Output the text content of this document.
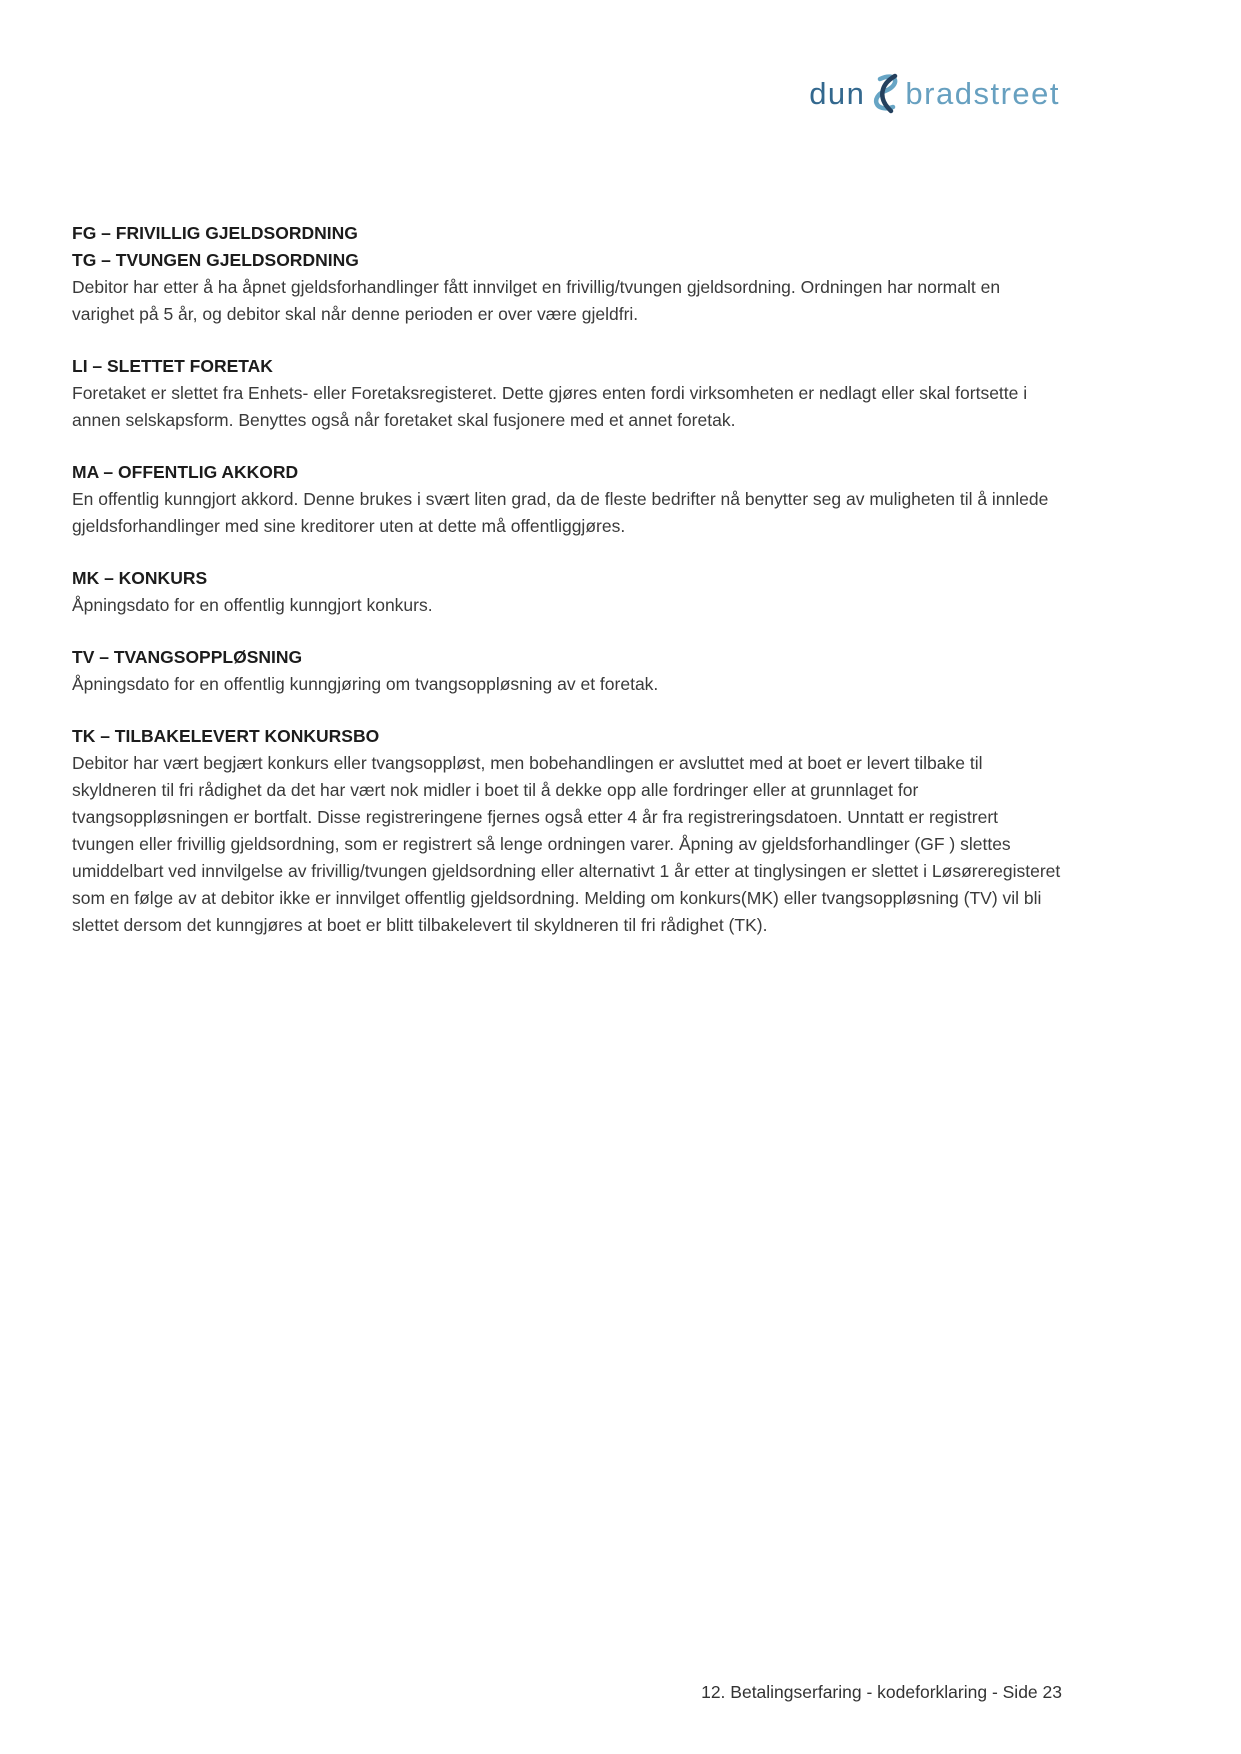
dun bradstreet
FG – FRIVILLIG GJELDSORDNING
TG – TVUNGEN GJELDSORDNING

Debitor har etter å ha åpnet gjeldsforhandlinger fått innvilget en frivillig/tvungen gjeldsordning. Ordningen har normalt en varighet på 5 år, og debitor skal når denne perioden er over være gjeldfri.

LI – SLETTET FORETAK

Foretaket er slettet fra Enhets- eller Foretaksregisteret. Dette gjøres enten fordi virksomheten er nedlagt eller skal fortsette i annen selskapsform. Benyttes også når foretaket skal fusjonere med et annet foretak.

MA – OFFENTLIG AKKORD

En offentlig kunngjort akkord. Denne brukes i svært liten grad, da de fleste bedrifter nå benytter seg av muligheten til å innlede gjeldsforhandlinger med sine kreditorer uten at dette må offentliggjøres.

MK – KONKURS

Åpningsdato for en offentlig kunngjort konkurs.

TV – TVANGSOPPLØSNING

Åpningsdato for en offentlig kunngjøring om tvangsoppløsning av et foretak.

TK – TILBAKELEVERT KONKURSBO

Debitor har vært begjært konkurs eller tvangsoppløst, men bobehandlingen er avsluttet med at boet er levert tilbake til skyldneren til fri rådighet da det har vært nok midler i boet til å dekke opp alle fordringer eller at grunnlaget for tvangsoppløsningen er bortfalt. Disse registreringene fjernes også etter 4 år fra registreringsdatoen. Unntatt er registrert tvungen eller frivillig gjeldsordning, som er registrert så lenge ordningen varer. Åpning av gjeldsforhandlinger (GF ) slettes umiddelbart ved innvilgelse av frivillig/tvungen gjeldsordning eller alternativt 1 år etter at tinglysingen er slettet i Løsøreregisteret som en følge av at debitor ikke er innvilget offentlig gjeldsordning. Melding om konkurs(MK) eller tvangsoppløsning (TV) vil bli slettet dersom det kunngjøres at boet er blitt tilbakelevert til skyldneren til fri rådighet (TK).

12. Betalingserfaring - kodeforklaring - Side 23
